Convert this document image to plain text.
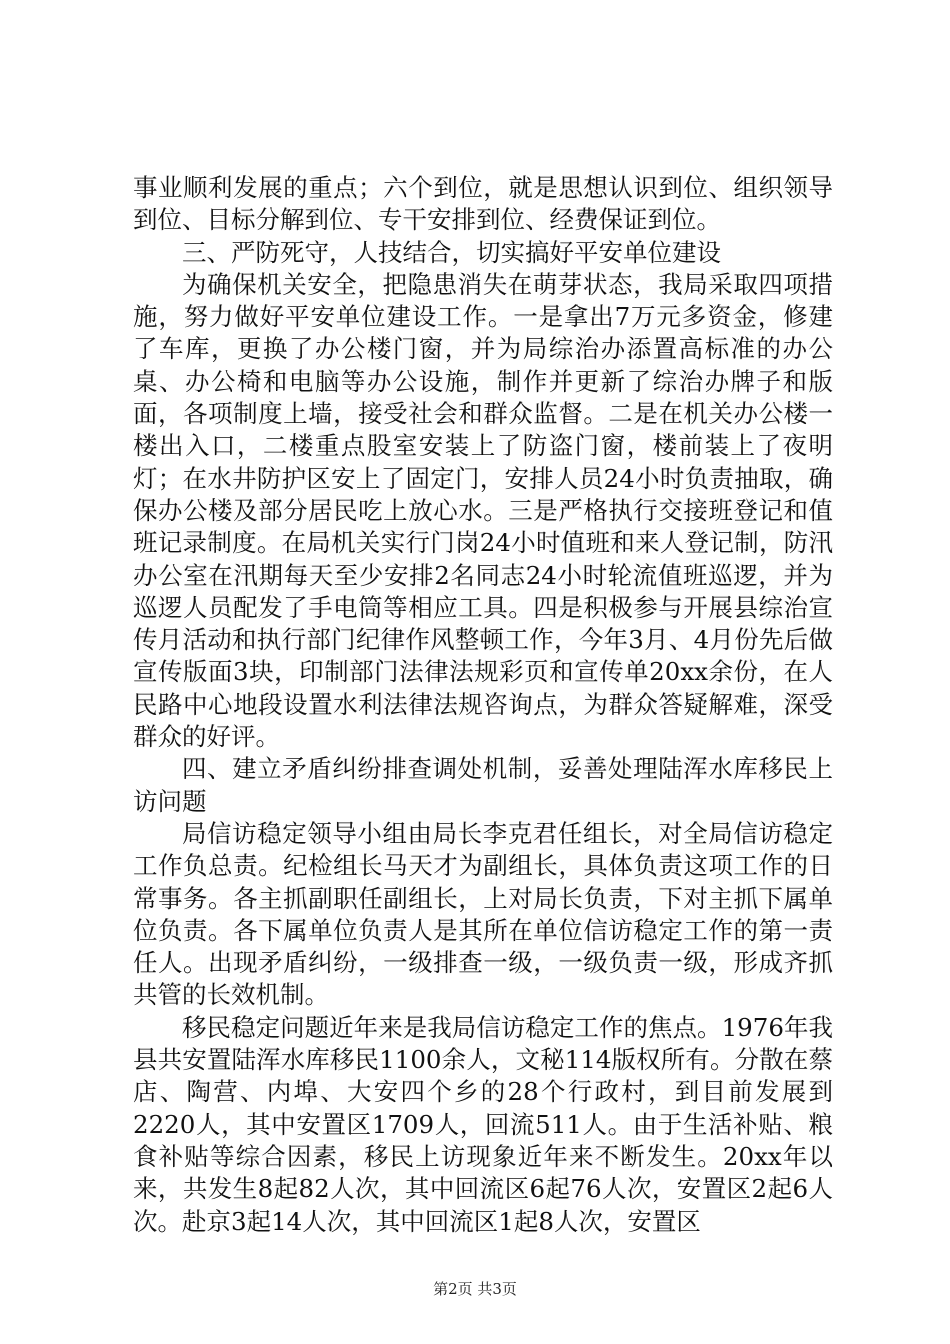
事业顺利发展的重点；六个到位，就是思想认识到位、组织领导到位、目标分解到位、专干安排到位、经费保证到位。

三、严防死守，人技结合，切实搞好平安单位建设

为确保机关安全，把隐患消失在萌芽状态，我局采取四项措施，努力做好平安单位建设工作。一是拿出7万元多资金，修建了车库，更换了办公楼门窗，并为局综治办添置高标准的办公桌、办公椅和电脑等办公设施，制作并更新了综治办牌子和版面，各项制度上墙，接受社会和群众监督。二是在机关办公楼一楼出入口，二楼重点股室安装上了防盗门窗，楼前装上了夜明灯；在水井防护区安上了固定门，安排人员24小时负责抽取，确保办公楼及部分居民吃上放心水。三是严格执行交接班登记和值班记录制度。在局机关实行门岗24小时值班和来人登记制，防汛办公室在汛期每天至少安排2名同志24小时轮流值班巡逻，并为巡逻人员配发了手电筒等相应工具。四是积极参与开展县综治宣传月活动和执行部门纪律作风整顿工作，今年3月、4月份先后做宣传版面3块，印制部门法律法规彩页和宣传单20xx余份，在人民路中心地段设置水利法律法规咨询点，为群众答疑解难，深受群众的好评。

四、建立矛盾纠纷排查调处机制，妥善处理陆浑水库移民上访问题

局信访稳定领导小组由局长李克君任组长，对全局信访稳定工作负总责。纪检组长马天才为副组长，具体负责这项工作的日常事务。各主抓副职任副组长，上对局长负责，下对主抓下属单位负责。各下属单位负责人是其所在单位信访稳定工作的第一责任人。出现矛盾纠纷，一级排查一级，一级负责一级，形成齐抓共管的长效机制。

移民稳定问题近年来是我局信访稳定工作的焦点。1976年我县共安置陆浑水库移民1100余人，文秘114版权所有。分散在蔡店、陶营、内埠、大安四个乡的28个行政村，到目前发展到2220人，其中安置区1709人，回流511人。由于生活补贴、粮食补贴等综合因素，移民上访现象近年来不断发生。20xx年以来，共发生8起82人次，其中回流区6起76人次，安置区2起6人次。赴京3起14人次，其中回流区1起8人次，安置区

第2页 共3页
